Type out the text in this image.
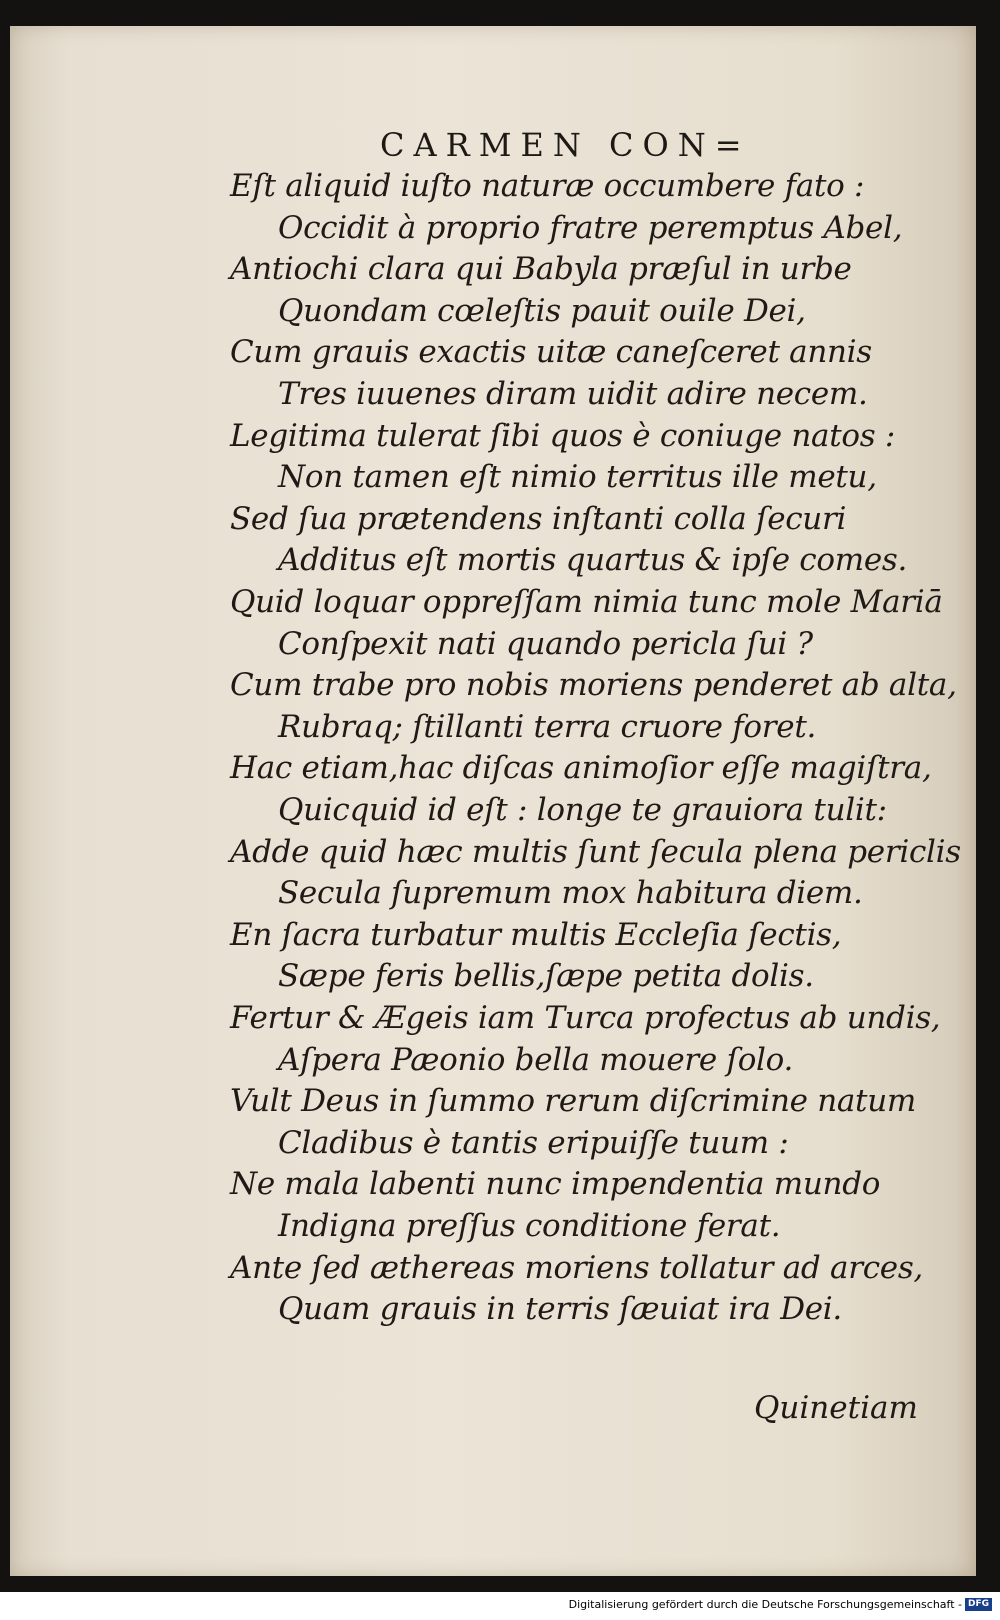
CARMEN CON=
Eſt aliquid iuſto naturæ occumbere fato :
Occidit à proprio fratre peremptus Abel,
Antiochi clara qui Babyla præſul in urbe
Quondam cœleſtis pauit ouile Dei,
Cum grauis exactis uitæ caneſceret annis
Tres iuuenes diram uidit adire necem.
Legitima tulerat ſibi quos è coniuge natos :
Non tamen eſt nimio territus ille metu,
Sed ſua prætendens inſtanti colla ſecuri
Additus eſt mortis quartus & ipſe comes.
Quid loquar oppreſſam nimia tunc mole Mariā
Conſpexit nati quando pericla ſui ?
Cum trabe pro nobis moriens penderet ab alta,
Rubraq; ſtillanti terra cruore foret.
Hac etiam,hac diſcas animoſior eſſe magiſtra,
Quicquid id eſt : longe te grauiora tulit:
Adde quid hæc multis ſunt ſecula plena periclis
Secula ſupremum mox habitura diem.
En ſacra turbatur multis Eccleſia ſectis,
Sæpe feris bellis,ſæpe petita dolis.
Fertur & Ægeis iam Turca profectus ab undis,
Aſpera Pæonio bella mouere ſolo.
Vult Deus in ſummo rerum diſcrimine natum
Cladibus è tantis eripuiſſe tuum :
Ne mala labenti nunc impendentia mundo
Indigna preſſus conditione ferat.
Ante ſed æthereas moriens tollatur ad arces,
Quam grauis in terris ſæuiat ira Dei.
Quinetiam
Digitalisierung gefördert durch die Deutsche Forschungsgemeinschaft - DFG
